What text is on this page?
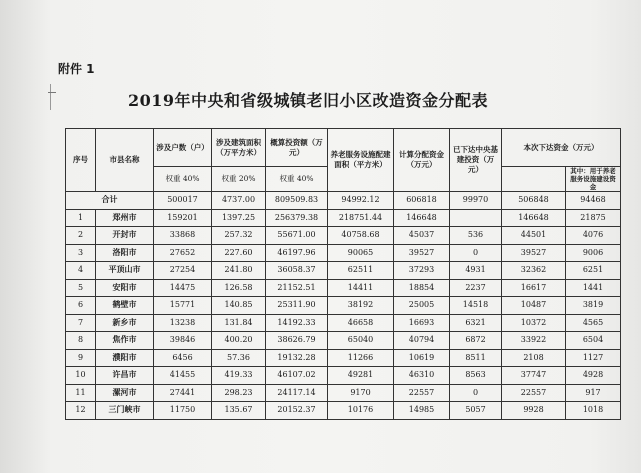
附件 1
2019年中央和省级城镇老旧小区改造资金分配表
序号	市县名称	涉及户数（户）	涉及建筑面积（万平方米）	概算投资额（万元）	养老服务设施配建面积（平方米）	计算分配资金（万元）	已下达中央基建投资（万元）	本次下达资金（万元）	
		权重 40%	权重 20%	权重 40%					其中：用于养老服务设施建设资金
合计		500017	4737.00	809509.83	94992.12	606818	99970	506848	94468
1	郑州市	159201	1397.25	256379.38	218751.44	146648		146648	21875
2	开封市	33868	257.32	55671.00	40758.68	45037	536	44501	4076
3	洛阳市	27652	227.60	46197.96	90065	39527	0	39527	9006
4	平顶山市	27254	241.80	36058.37	62511	37293	4931	32362	6251
5	安阳市	14475	126.58	21152.51	14411	18854	2237	16617	1441
6	鹤壁市	15771	140.85	25311.90	38192	25005	14518	10487	3819
7	新乡市	13238	131.84	14192.33	46658	16693	6321	10372	4565
8	焦作市	39846	400.20	38626.79	65040	40794	6872	33922	6504
9	濮阳市	6456	57.36	19132.28	11266	10619	8511	2108	1127
10	许昌市	41455	419.33	46107.02	49281	46310	8563	37747	4928
11	漯河市	27441	298.23	24117.14	9170	22557	0	22557	917
12	三门峡市	11750	135.67	20152.37	10176	14985	5057	9928	1018
